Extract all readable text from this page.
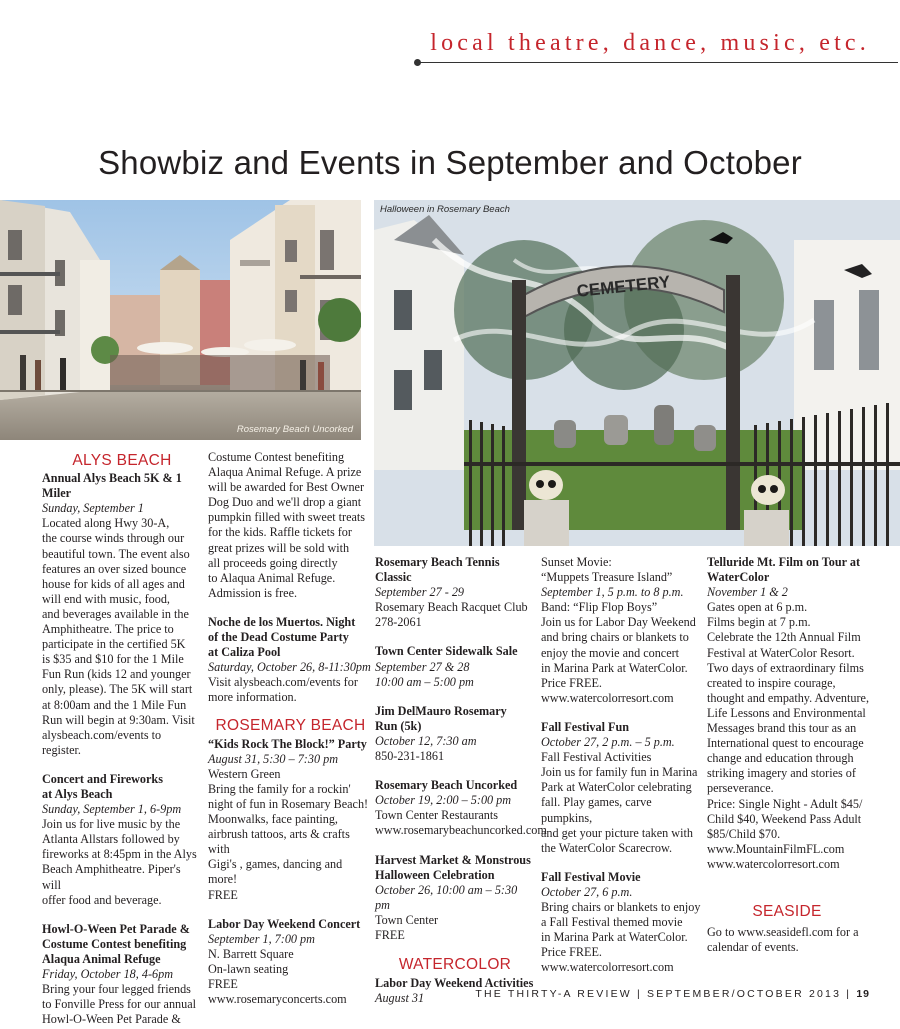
local theatre, dance, music, etc.
Showbiz and Events in September and October
Rosemary Beach Uncorked
CEMETERY
Halloween in Rosemary Beach
ALYS BEACH

Annual Alys Beach 5K & 1 Miler

Sunday, September 1

Located along Hwy 30-A,

the course winds through our

beautiful town. The event also

features an over sized bounce

house for kids of all ages and

will end with music, food,

and beverages available in the

Amphitheatre. The price to

participate in the certified 5K

is $35 and $10 for the 1 Mile

Fun Run (kids 12 and younger

only, please). The 5K will start

at 8:00am and the 1 Mile Fun

Run will begin at 9:30am. Visit

alysbeach.com/events to register.

Concert and Fireworks

at Alys Beach

Sunday, September 1, 6-9pm

Join us for live music by the

Atlanta Allstars followed by

fireworks at 8:45pm in the Alys

Beach Amphitheatre. Piper's will

offer food and beverage.

Howl-O-Ween Pet Parade &

Costume Contest benefiting

Alaqua Animal Refuge

Friday, October 18, 4-6pm

Bring your four legged friends

to Fonville Press for our annual

Howl-O-Ween Pet Parade &

Costume Contest benefiting

Alaqua Animal Refuge. A prize

will be awarded for Best Owner

Dog Duo and we'll drop a giant

pumpkin filled with sweet treats

for the kids. Raffle tickets for

great prizes will be sold with

all proceeds going directly

to Alaqua Animal Refuge.

Admission is free.

Noche de los Muertos. Night

of the Dead Costume Party

at Caliza Pool

Saturday, October 26, 8-11:30pm

Visit alysbeach.com/events for

more information.

ROSEMARY BEACH

“Kids Rock The Block!” Party

August 31, 5:30 – 7:30 pm

Western Green

Bring the family for a rockin'

night of fun in Rosemary Beach!

Moonwalks, face painting,

airbrush tattoos, arts & crafts with

Gigi's , games, dancing and more!

FREE

Labor Day Weekend Concert

September 1, 7:00 pm

N. Barrett Square

On-lawn seating

FREE

www.rosemaryconcerts.com

Rosemary Beach Tennis Classic

September 27 - 29

Rosemary Beach Racquet Club

278-2061

Town Center Sidewalk Sale

September 27 & 28

10:00 am – 5:00 pm

Jim DelMauro Rosemary

Run (5k)

October 12, 7:30 am

850-231-1861

Rosemary Beach Uncorked

October 19, 2:00 – 5:00 pm

Town Center Restaurants

www.rosemarybeachuncorked.com

Harvest Market & Monstrous

Halloween Celebration

October 26, 10:00 am – 5:30 pm

Town Center

FREE

WATERCOLOR

Labor Day Weekend Activities

August 31

Sunset Movie:

“Muppets Treasure Island”

September 1, 5 p.m. to 8 p.m.

Band: “Flip Flop Boys”

Join us for Labor Day Weekend

and bring chairs or blankets to

enjoy the movie and concert

in Marina Park at WaterColor.

Price FREE.

www.watercolorresort.com

Fall Festival Fun

October 27, 2 p.m. – 5 p.m.

Fall Festival Activities

Join us for family fun in Marina

Park at WaterColor celebrating

fall. Play games, carve pumpkins,

and get your picture taken with

the WaterColor Scarecrow.

Fall Festival Movie

October 27, 6 p.m.

Bring chairs or blankets to enjoy

a Fall Festival themed movie

in Marina Park at WaterColor.

Price FREE.

www.watercolorresort.com

Telluride Mt. Film on Tour at

WaterColor

November 1 & 2

Gates open at 6 p.m.

Films begin at 7 p.m.

Celebrate the 12th Annual Film

Festival at WaterColor Resort.

Two days of extraordinary films

created to inspire courage,

thought and empathy. Adventure,

Life Lessons and Environmental

Messages brand this tour as an

International quest to encourage

change and education through

striking imagery and stories of

perseverance.

Price: Single Night - Adult $45/

Child $40, Weekend Pass Adult

$85/Child $70.

www.MountainFilmFL.com

www.watercolorresort.com

SEASIDE

Go to www.seasidefl.com for a

calendar of events.

THE THIRTY-A REVIEW | SEPTEMBER/OCTOBER 2013 | 19
